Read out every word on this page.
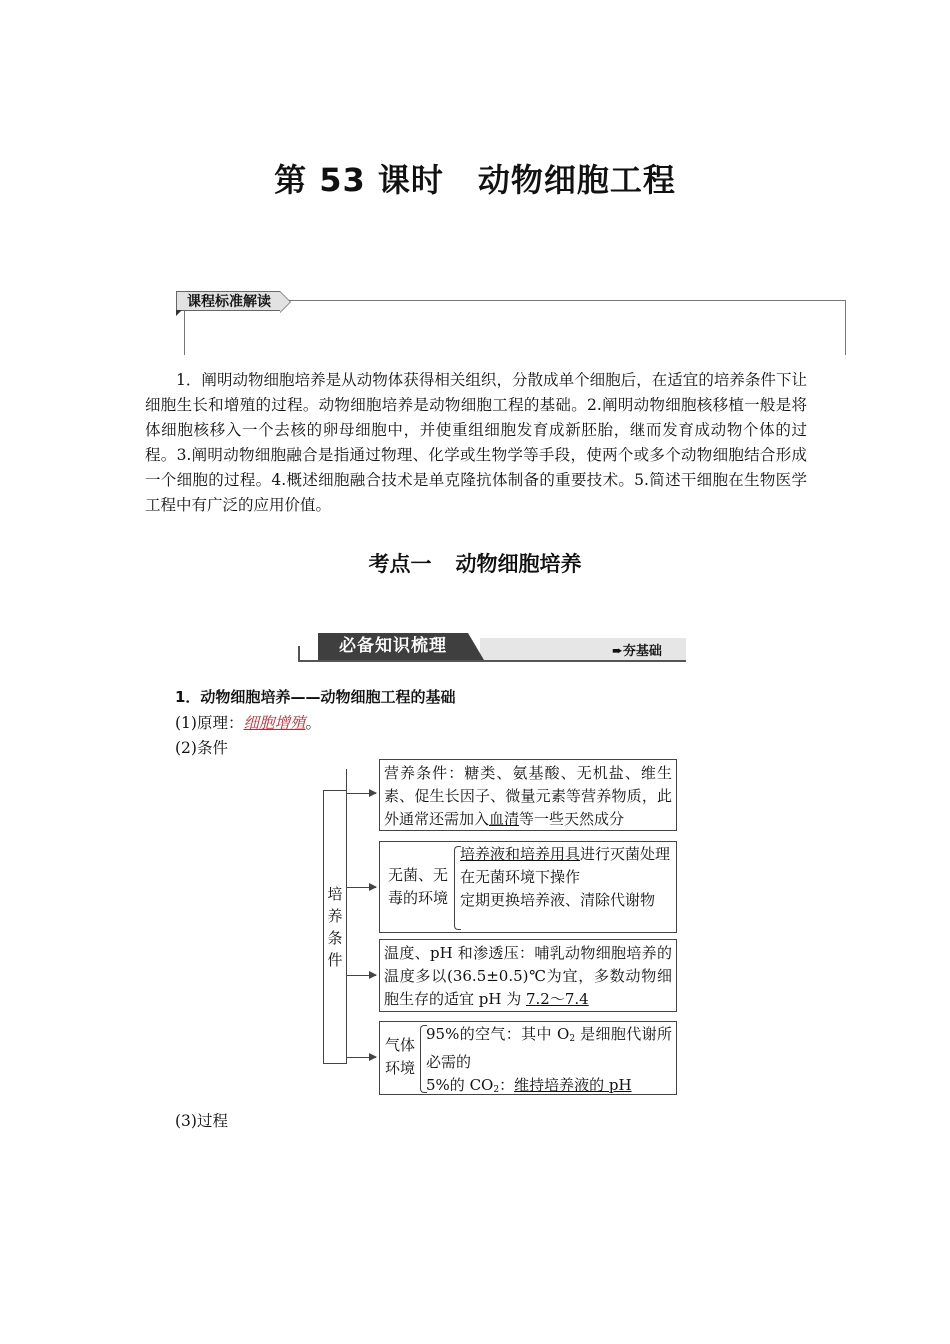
第 53 课时 动物细胞工程
课程标准解读

1．阐明动物细胞培养是从动物体获得相关组织，分散成单个细胞后，在适宜的培养条件下让细胞生长和增殖的过程。动物细胞培养是动物细胞工程的基础。2.阐明动物细胞核移植一般是将体细胞核移入一个去核的卵母细胞中，并使重组细胞发育成新胚胎，继而发育成动物个体的过程。3.阐明动物细胞融合是指通过物理、化学或生物学等手段，使两个或多个动物细胞结合形成一个细胞的过程。4.概述细胞融合技术是单克隆抗体制备的重要技术。5.简述干细胞在生物医学工程中有广泛的应用价值。

考点一 动物细胞培养
必备知识梳理	➨夯基础
1．动物细胞培养——动物细胞工程的基础
(1)原理：细胞增殖。
(2)条件
培养条件
营养条件：糖类、氨基酸、无机盐、维生素、促生长因子、微量元素等营养物质，此外通常还需加入血清等一些天然成分
无菌、无毒的环境
培养液和培养用具进行灭菌处理
在无菌环境下操作
定期更换培养液、清除代谢物
温度、pH 和渗透压：哺乳动物细胞培养的温度多以(36.5±0.5)℃为宜，多数动物细胞生存的适宜 pH 为 7.2～7.4
气体环境
95%的空气：其中 $O_2$ 是细胞代谢所必需的
5%的 $CO_2$：维持培养液的 pH
(3)过程
